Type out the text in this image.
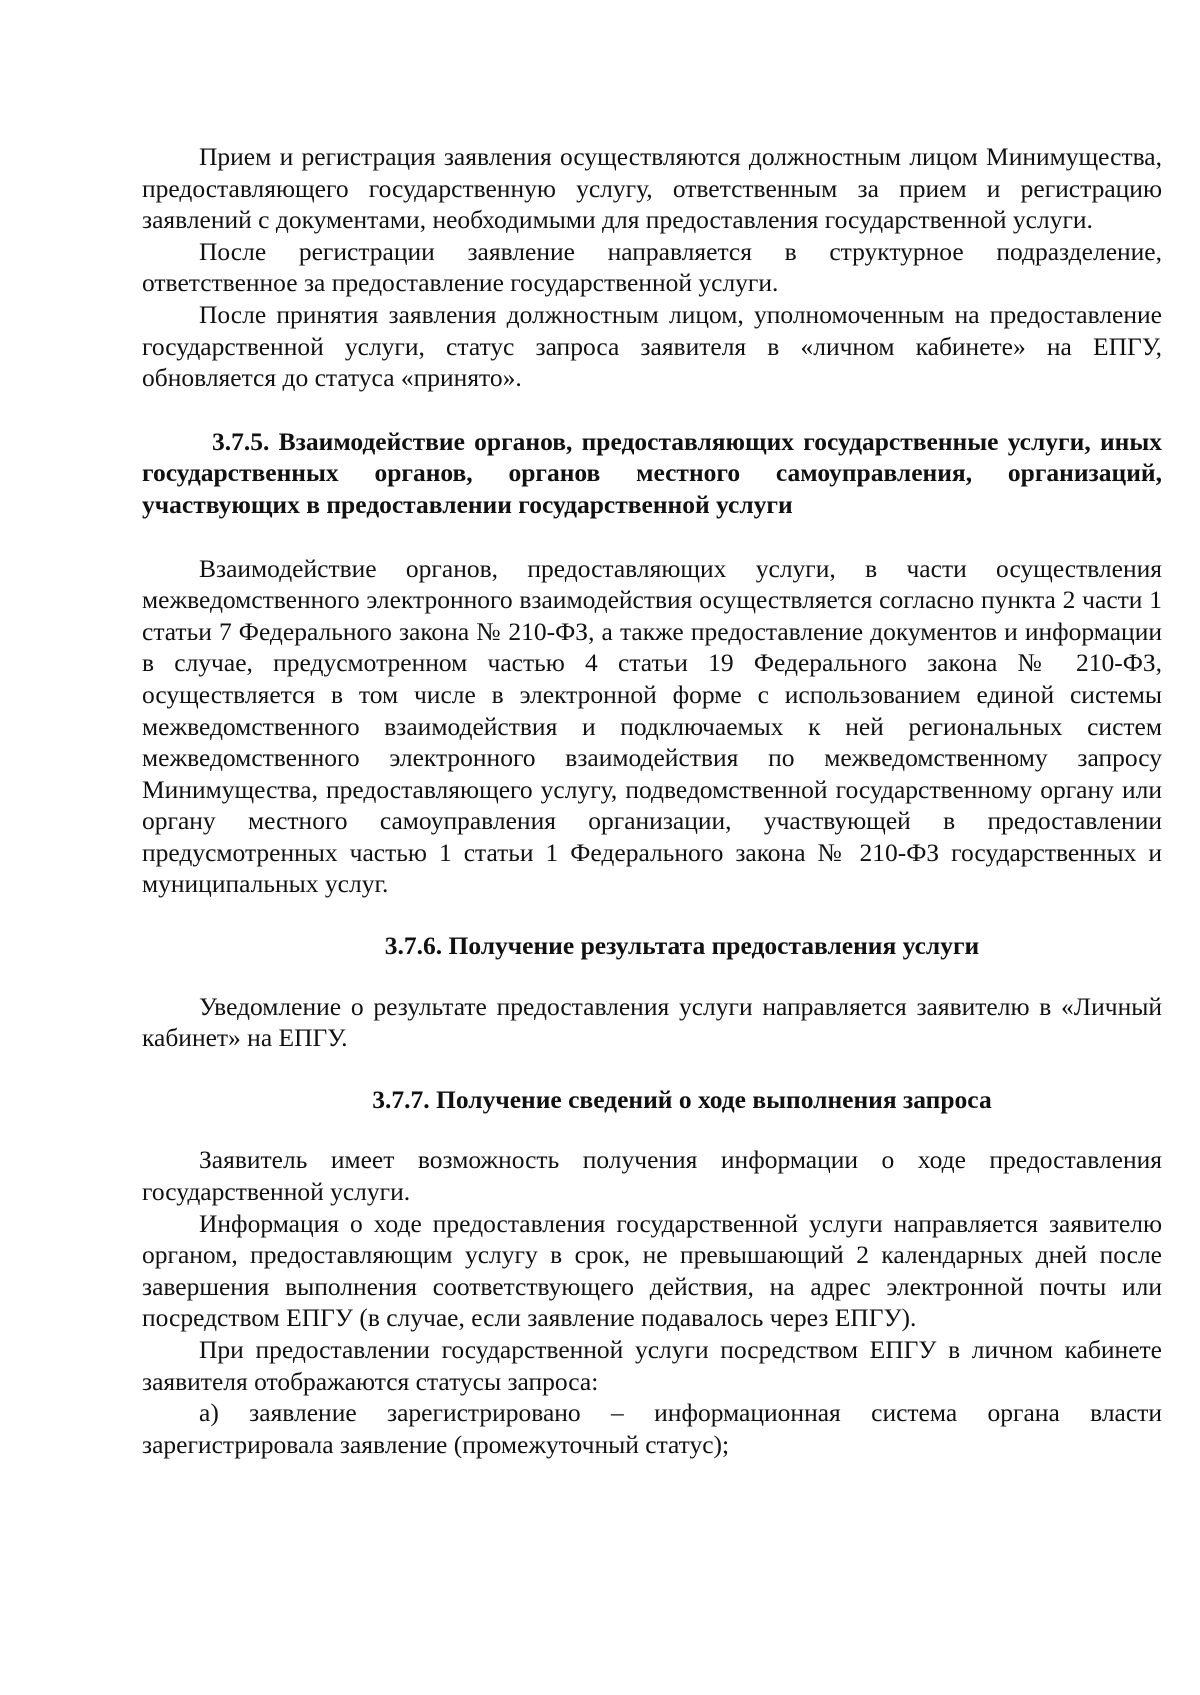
Прием и регистрация заявления осуществляются должностным лицом Минимущества, предоставляющего государственную услугу, ответственным за прием и регистрацию заявлений с документами, необходимыми для предоставления государственной услуги.

После регистрации заявление направляется в структурное подразделение, ответственное за предоставление государственной услуги.

После принятия заявления должностным лицом, уполномоченным на предоставление государственной услуги, статус запроса заявителя в «личном кабинете» на ЕПГУ, обновляется до статуса «принято».

3.7.5. Взаимодействие органов, предоставляющих государственные услуги, иных государственных органов, органов местного самоуправления, организаций, участвующих в предоставлении государственной услуги

Взаимодействие органов, предоставляющих услуги, в части осуществления межведомственного электронного взаимодействия осуществляется согласно пункта 2 части 1 статьи 7 Федерального закона № 210-ФЗ, а также предоставление документов и информации в случае, предусмотренном частью 4 статьи 19 Федерального закона № 210-ФЗ, осуществляется в том числе в электронной форме с использованием единой системы межведомственного взаимодействия и подключаемых к ней региональных систем межведомственного электронного взаимодействия по межведомственному запросу Минимущества, предоставляющего услугу, подведомственной государственному органу или органу местного самоуправления организации, участвующей в предоставлении предусмотренных частью 1 статьи 1 Федерального закона № 210-ФЗ государственных и муниципальных услуг.

3.7.6. Получение результата предоставления услуги

Уведомление о результате предоставления услуги направляется заявителю в «Личный кабинет» на ЕПГУ.

3.7.7. Получение сведений о ходе выполнения запроса

Заявитель имеет возможность получения информации о ходе предоставления государственной услуги.

Информация о ходе предоставления государственной услуги направляется заявителю органом, предоставляющим услугу в срок, не превышающий 2 календарных дней после завершения выполнения соответствующего действия, на адрес электронной почты или посредством ЕПГУ (в случае, если заявление подавалось через ЕПГУ).

При предоставлении государственной услуги посредством ЕПГУ в личном кабинете заявителя отображаются статусы запроса:

а) заявление зарегистрировано – информационная система органа власти зарегистрировала заявление (промежуточный статус);
